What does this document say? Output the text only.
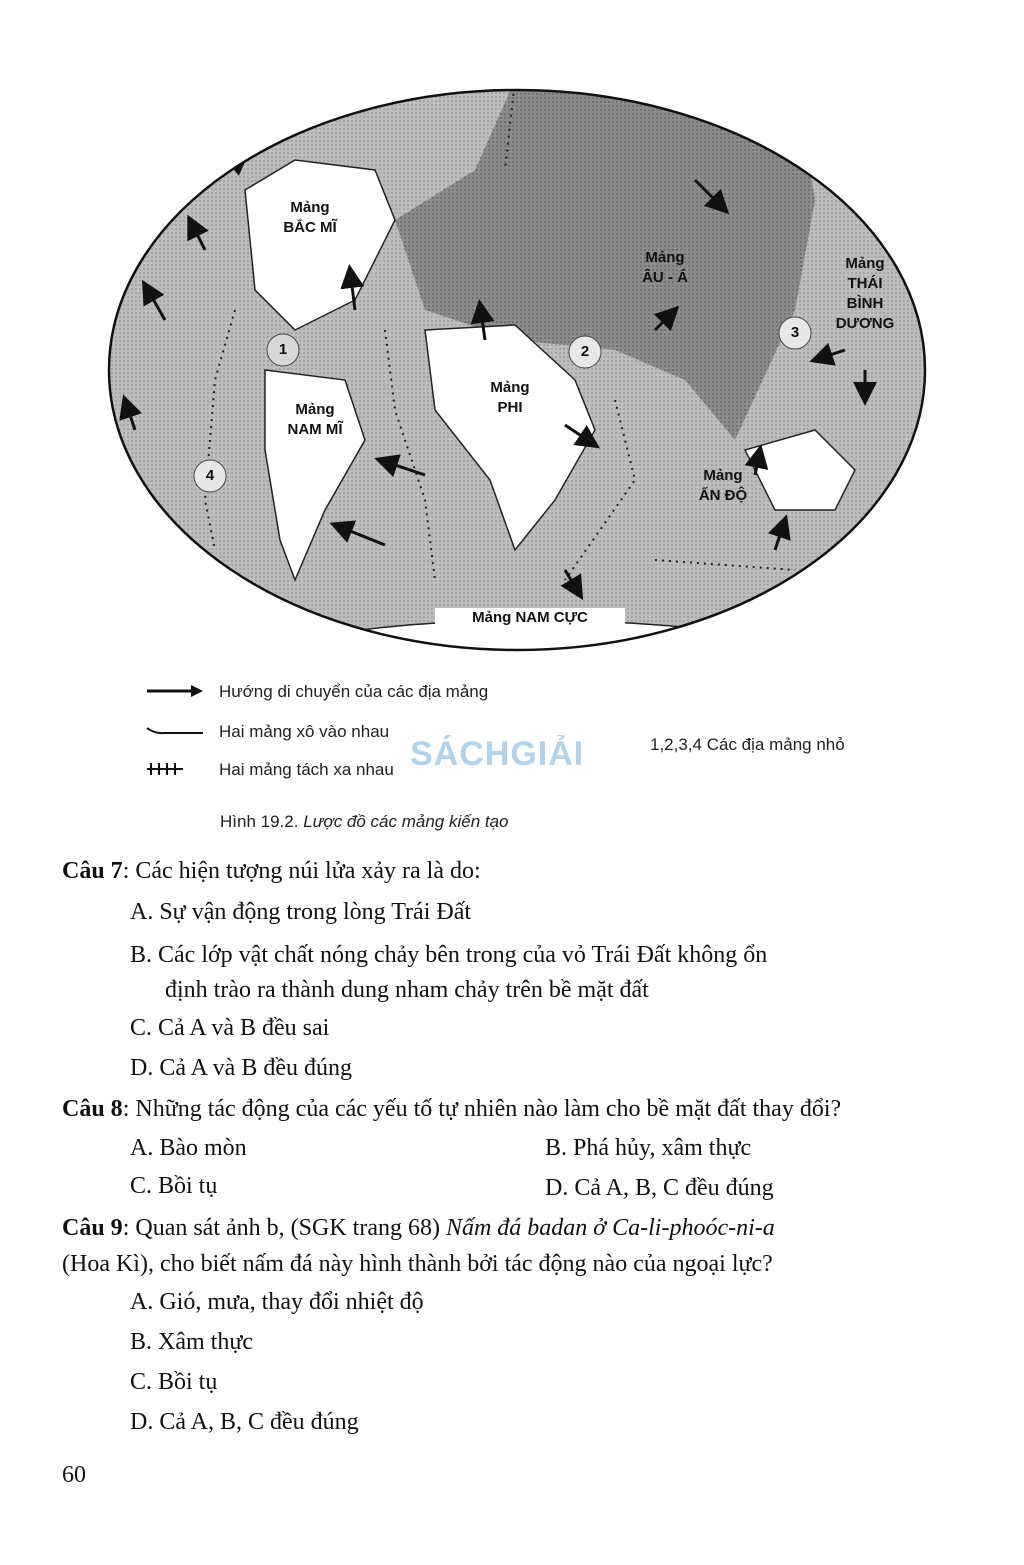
Mảng
BẮC MĨ
Mảng
ÂU - Á
Mảng
THÁI
BÌNH
DƯƠNG
Mảng
NAM MĨ
Mảng
PHI
Mảng
ẤN ĐỘ
Mảng NAM CỰC
1	2
3
4
Hướng di chuyển của các địa mảng
Hai mảng xô vào nhau
Hai mảng tách xa nhau
1,2,3,4 Các địa mảng nhỏ
SÁCHGIẢI
Hình 19.2. Lược đồ các mảng kiến tạo
Câu 7: Các hiện tượng núi lửa xảy ra là do:
A. Sự vận động trong lòng Trái Đất
B. Các lớp vật chất nóng chảy bên trong của vỏ Trái Đất không ổn
định trào ra thành dung nham chảy trên bề mặt đất
C. Cả A và B đều sai
D. Cả A và B đều đúng
Câu 8: Những tác động của các yếu tố tự nhiên nào làm cho bề mặt đất thay đổi?
A. Bào mòn	B. Phá hủy, xâm thực
C. Bồi tụ	D. Cả A, B, C đều đúng
Câu 9: Quan sát ảnh b, (SGK trang 68) Nấm đá badan ở Ca-li-phoóc-ni-a
(Hoa Kì), cho biết nấm đá này hình thành bởi tác động nào của ngoại lực?
A. Gió, mưa, thay đổi nhiệt độ
B. Xâm thực
C. Bồi tụ
D. Cả A, B, C đều đúng
60
